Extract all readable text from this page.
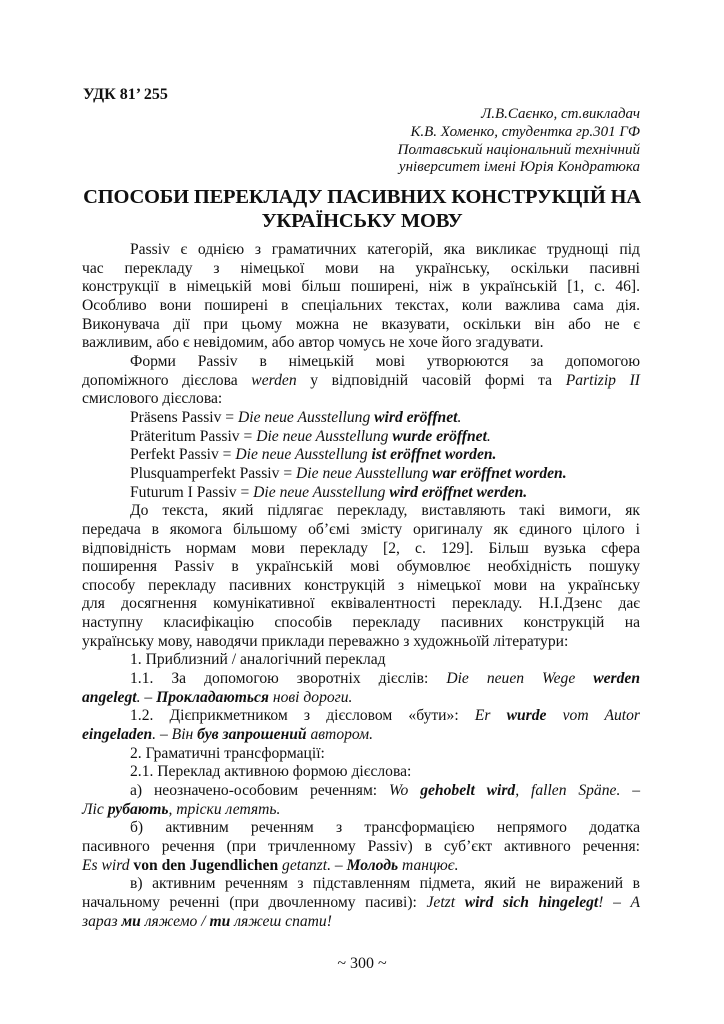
УДК 81’ 255
Л.В.Саєнко, ст.викладач
К.В. Хоменко, студентка гр.301 ГФ
Полтавський національний технічний
університет імені Юрія Кондратюка
СПОСОБИ ПЕРЕКЛАДУ ПАСИВНИХ КОНСТРУКЦІЙ НА
УКРАЇНСЬКУ МОВУ
Passiv є однією з граматичних категорій, яка викликає труднощі під
час перекладу з німецької мови на українську, оскільки пасивні
конструкції в німецькій мові більш поширені, ніж в українській [1, с. 46].
Особливо вони поширені в спеціальних текстах, коли важлива сама дія.
Виконувача дії при цьому можна не вказувати, оскільки він або не є
важливим, або є невідомим, або автор чомусь не хоче його згадувати.
Форми Passiv в німецькій мові утворюются за допомогою
допоміжного дієслова werden у відповідній часовій формі та Partizip II
смислового дієслова:
Präsens Passiv = Die neue Ausstellung wird eröffnet.
Präteritum Passiv = Die neue Ausstellung wurde eröffnet.
Perfekt Passiv = Die neue Ausstellung ist eröffnet worden.
Plusquamperfekt Passiv = Die neue Ausstellung war eröffnet worden.
Futurum I Passiv = Die neue Ausstellung wird eröffnet werden.
До текста, який підлягає перекладу, виставляють такі вимоги, як
передача в якомога більшому об’ємі змісту оригиналу як єдиного цілого і
відповідність нормам мови перекладу [2, с. 129]. Більш вузька сфера
поширення Passiv в українській мові обумовлює необхідність пошуку
способу перекладу пасивних конструкцій з німецької мови на українську
для досягнення комунікативної еквівалентності перекладу. Н.І.Дзенс дає
наступну класифікацію способів перекладу пасивних конструкцій на
українську мову, наводячи приклади переважно з художньоїй літератури:
1. Приблизний / аналогічний переклад
1.1. За допомогою зворотніх дієслів: Die neuen Wege werden
angelegt. – Прокладаються нові дороги.
1.2. Дієприкметником з дієсловом «бути»: Er wurde vom Autor
eingeladen. – Він був запрошений автором.
2. Граматичні трансформації:
2.1. Переклад активною формою дієслова:
а) неозначено-особовим реченням: Wo gehobelt wird, fallen Späne. –
Ліс рубають, тріски летять.
б) активним реченням з трансформацією непрямого додатка
пасивного речення (при тричленному Passiv) в суб’єкт активного речення:
Es wird von den Jugendlichen getanzt. – Молодь танцює.
в) активним реченням з підставленням підмета, який не виражений в
начальному реченні (при двочленному пасиві): Jetzt wird sich hingelegt! – А
зараз ми ляжемо / ти ляжеш спати!
~ 300 ~
